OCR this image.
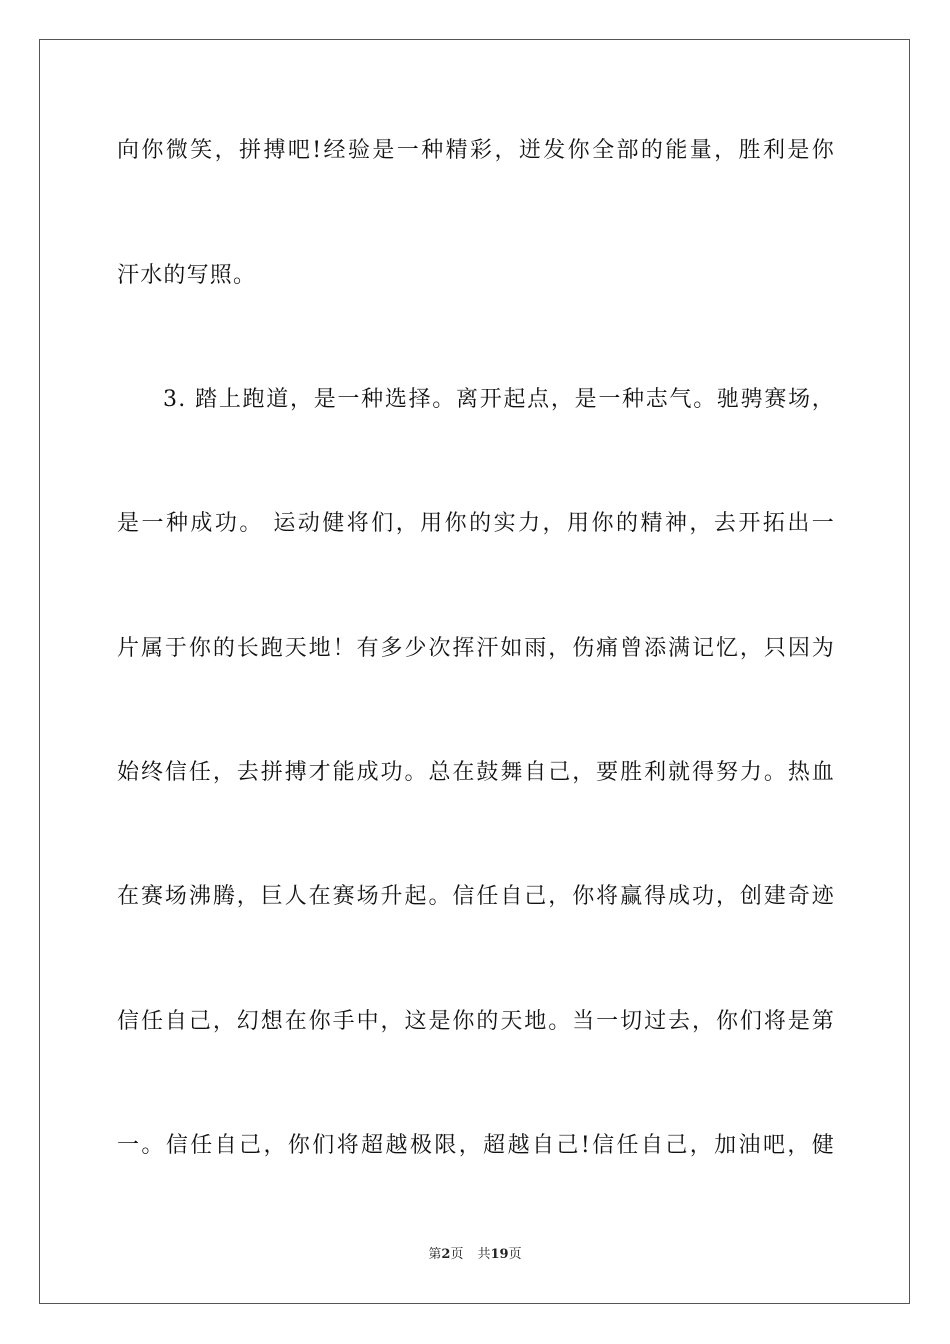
向你微笑，拼搏吧!经验是一种精彩，迸发你全部的能量，胜利是你
汗水的写照。
3. 踏上跑道，是一种选择。离开起点，是一种志气。驰骋赛场，
是一种成功。 运动健将们，用你的实力，用你的精神，去开拓出一
片属于你的长跑天地！有多少次挥汗如雨，伤痛曾添满记忆，只因为
始终信任，去拼搏才能成功。总在鼓舞自己，要胜利就得努力。热血
在赛场沸腾，巨人在赛场升起。信任自己，你将赢得成功，创建奇迹
信任自己，幻想在你手中，这是你的天地。当一切过去，你们将是第
一。信任自己，你们将超越极限，超越自己!信任自己，加油吧，健
第2页 共19页
